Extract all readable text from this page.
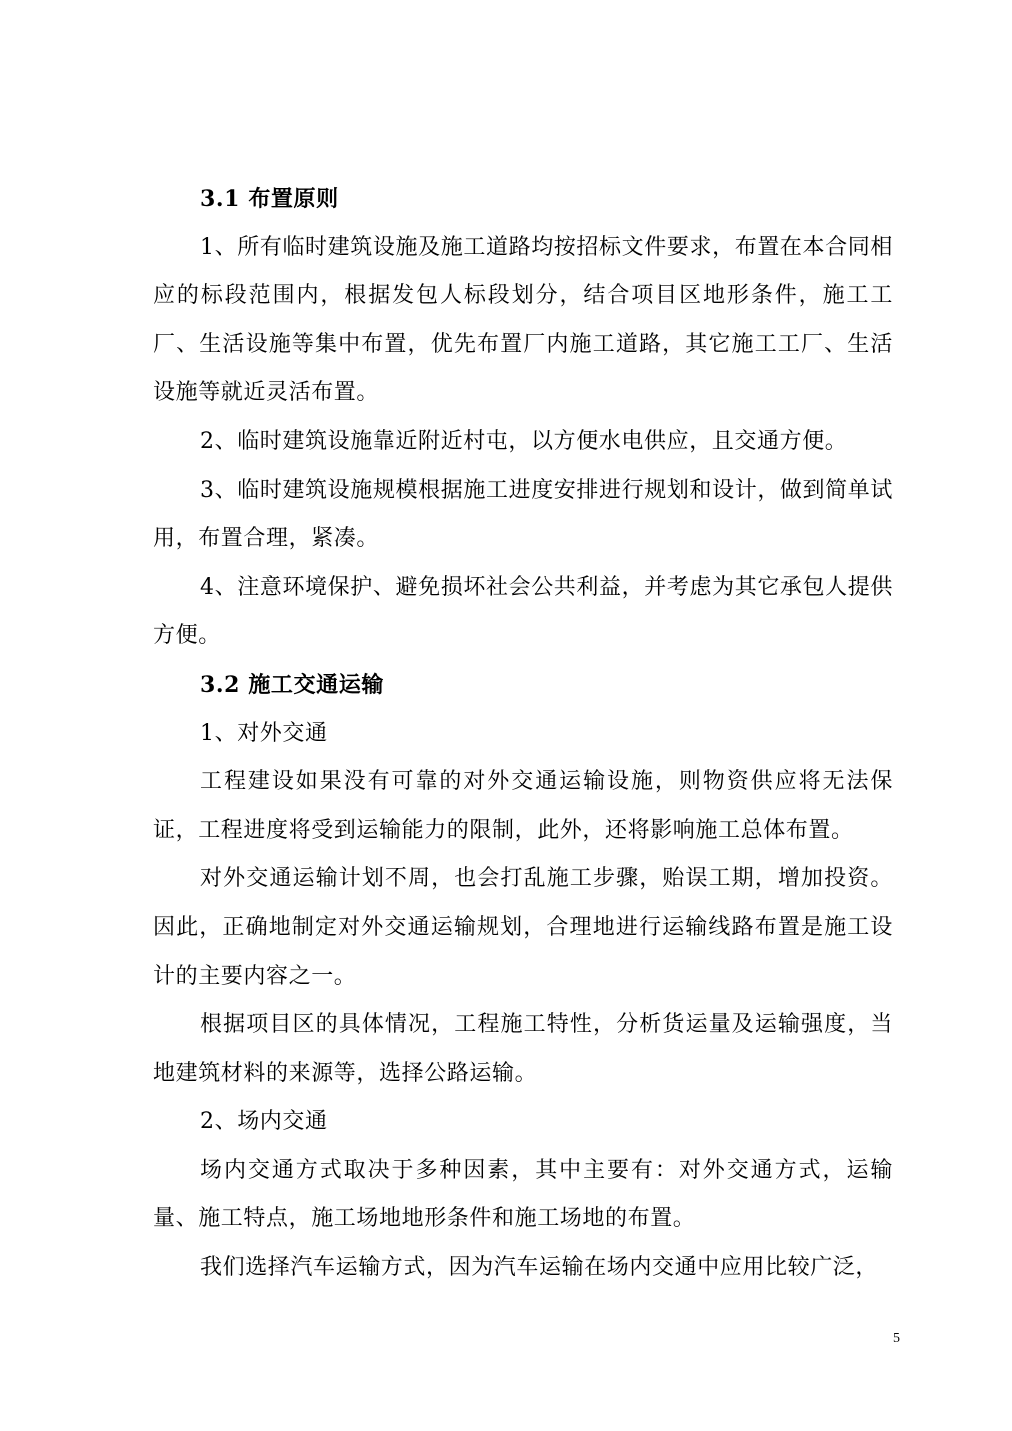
3.1 布置原则

1、所有临时建筑设施及施工道路均按招标文件要求，布置在本合同相应的标段范围内，根据发包人标段划分，结合项目区地形条件，施工工厂、生活设施等集中布置，优先布置厂内施工道路，其它施工工厂、生活设施等就近灵活布置。

2、临时建筑设施靠近附近村屯，以方便水电供应，且交通方便。

3、临时建筑设施规模根据施工进度安排进行规划和设计，做到简单试用，布置合理，紧凑。

4、注意环境保护、避免损坏社会公共利益，并考虑为其它承包人提供方便。

3.2 施工交通运输

1、对外交通

工程建设如果没有可靠的对外交通运输设施，则物资供应将无法保证，工程进度将受到运输能力的限制，此外，还将影响施工总体布置。

对外交通运输计划不周，也会打乱施工步骤，贻误工期，增加投资。因此，正确地制定对外交通运输规划，合理地进行运输线路布置是施工设计的主要内容之一。

根据项目区的具体情况，工程施工特性，分析货运量及运输强度，当地建筑材料的来源等，选择公路运输。

2、场内交通

场内交通方式取决于多种因素，其中主要有：对外交通方式，运输量、施工特点，施工场地地形条件和施工场地的布置。

我们选择汽车运输方式，因为汽车运输在场内交通中应用比较广泛，

5
